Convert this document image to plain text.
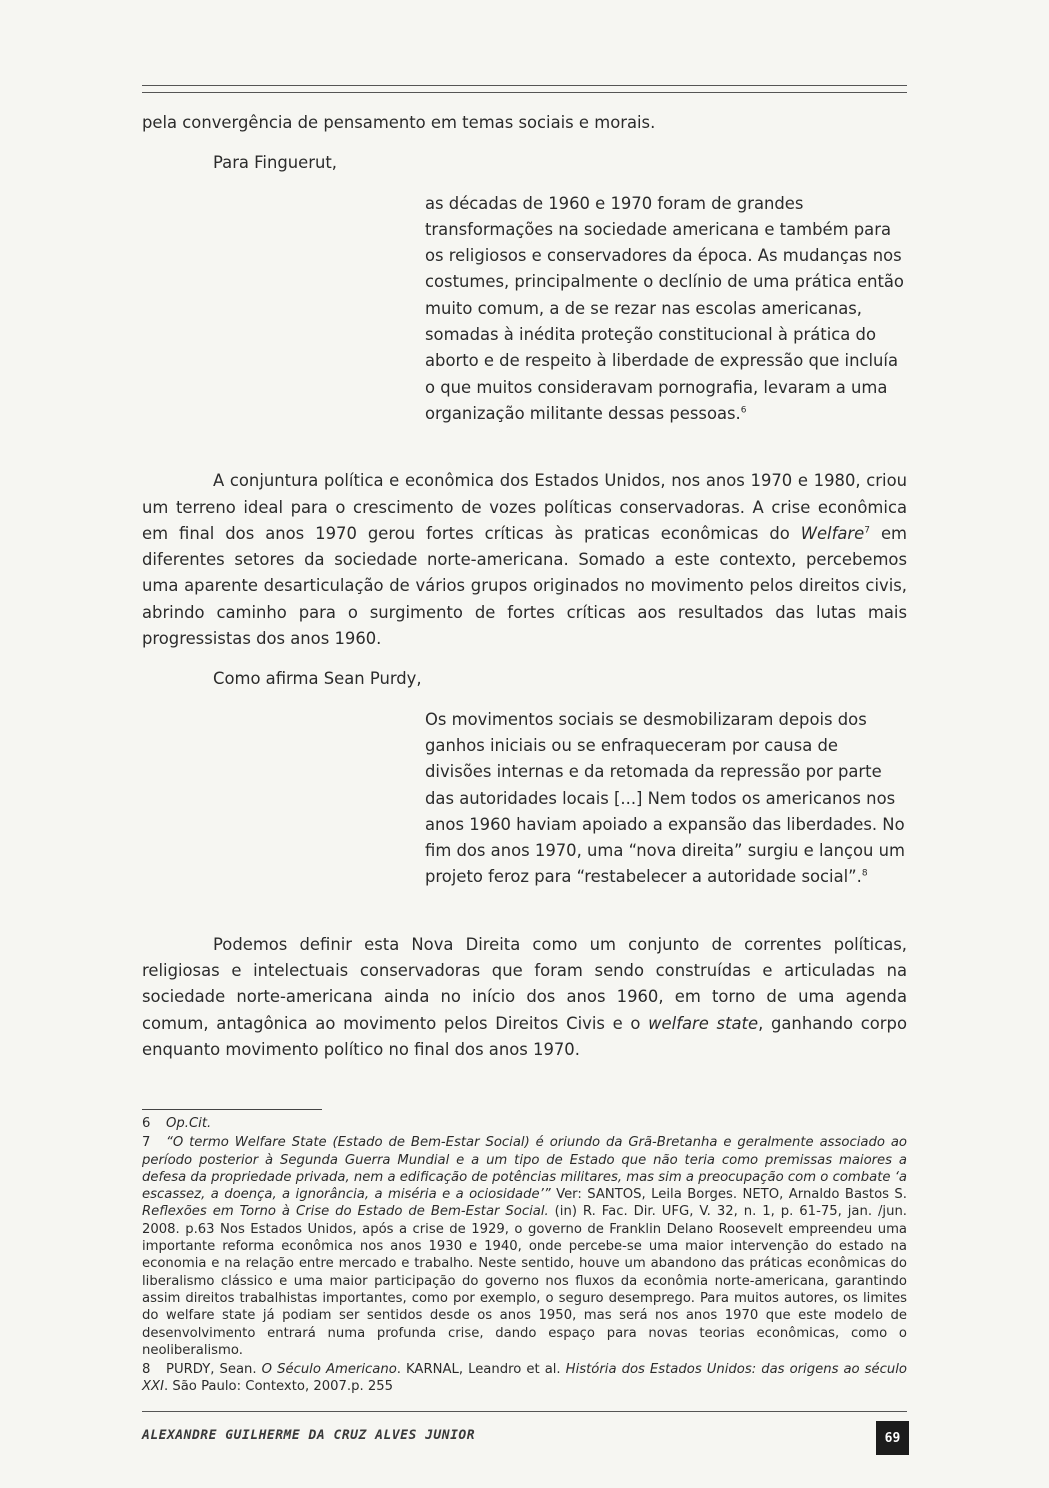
pela convergência de pensamento em temas sociais e morais.

Para Finguerut,

as décadas de 1960 e 1970 foram de grandes transformações na sociedade americana e também para os religiosos e conservadores da época. As mudanças nos costumes, principalmente o declínio de uma prática então muito comum, a de se rezar nas escolas americanas, somadas à inédita proteção constitucional à prática do aborto e de respeito à liberdade de expressão que incluía o que muitos consideravam pornografia, levaram a uma organização militante dessas pessoas.$^6$

A conjuntura política e econômica dos Estados Unidos, nos anos 1970 e 1980, criou um terreno ideal para o crescimento de vozes políticas conservadoras. A crise econômica em final dos anos 1970 gerou fortes críticas às praticas econômicas do Welfare$^7$ em diferentes setores da sociedade norte-americana. Somado a este contexto, percebemos uma aparente desarticulação de vários grupos originados no movimento pelos direitos civis, abrindo caminho para o surgimento de fortes críticas aos resultados das lutas mais progressistas dos anos 1960.

Como afirma Sean Purdy,

Os movimentos sociais se desmobilizaram depois dos ganhos iniciais ou se enfraqueceram por causa de divisões internas e da retomada da repressão por parte das autoridades locais [...] Nem todos os americanos nos anos 1960 haviam apoiado a expansão das liberdades. No fim dos anos 1970, uma “nova direita” surgiu e lançou um projeto feroz para “restabelecer a autoridade social”.$^8$

Podemos definir esta Nova Direita como um conjunto de correntes políticas, religiosas e intelectuais conservadoras que foram sendo construídas e articuladas na sociedade norte-americana ainda no início dos anos 1960, em torno de uma agenda comum, antagônica ao movimento pelos Direitos Civis e o welfare state, ganhando corpo enquanto movimento político no final dos anos 1970.

6 Op.Cit.

7 “O termo Welfare State (Estado de Bem-Estar Social) é oriundo da Grã-Bretanha e geralmente associado ao período posterior à Segunda Guerra Mundial e a um tipo de Estado que não teria como premissas maiores a defesa da propriedade privada, nem a edificação de potências militares, mas sim a preocupação com o combate ‘a escassez, a doença, a ignorância, a miséria e a ociosidade’” Ver: SANTOS, Leila Borges. NETO, Arnaldo Bastos S. Reflexões em Torno à Crise do Estado de Bem-Estar Social. (in) R. Fac. Dir. UFG, V. 32, n. 1, p. 61-75, jan. /jun. 2008. p.63 Nos Estados Unidos, após a crise de 1929, o governo de Franklin Delano Roosevelt empreendeu uma importante reforma econômica nos anos 1930 e 1940, onde percebe-se uma maior intervenção do estado na economia e na relação entre mercado e trabalho. Neste sentido, houve um abandono das práticas econômicas do liberalismo clássico e uma maior participação do governo nos fluxos da econômia norte-americana, garantindo assim direitos trabalhistas importantes, como por exemplo, o seguro desemprego. Para muitos autores, os limites do welfare state já podiam ser sentidos desde os anos 1950, mas será nos anos 1970 que este modelo de desenvolvimento entrará numa profunda crise, dando espaço para novas teorias econômicas, como o neoliberalismo.

8 PURDY, Sean. O Século Americano. KARNAL, Leandro et al. História dos Estados Unidos: das origens ao século XXI. São Paulo: Contexto, 2007.p. 255

ALEXANDRE GUILHERME DA CRUZ ALVES JUNIOR	69
